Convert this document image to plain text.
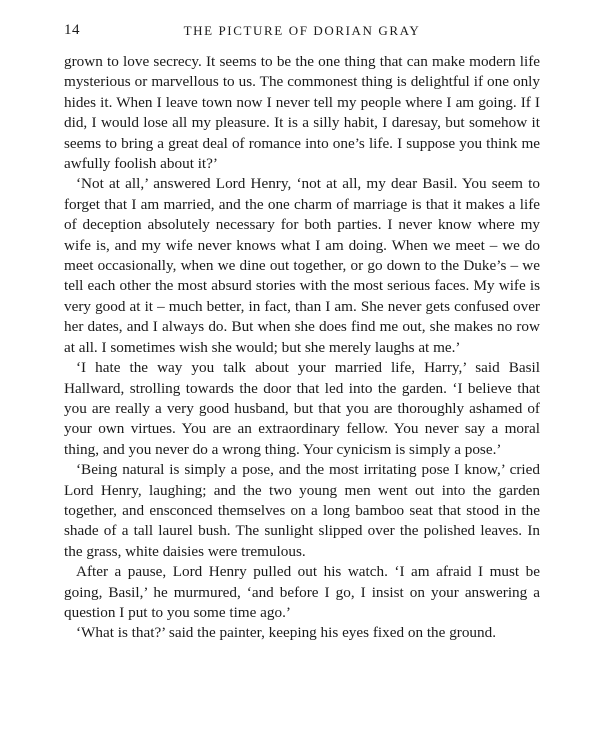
14	THE PICTURE OF DORIAN GRAY

grown to love secrecy. It seems to be the one thing that can make modern life mysterious or marvellous to us. The commonest thing is delightful if one only hides it. When I leave town now I never tell my people where I am going. If I did, I would lose all my pleasure. It is a silly habit, I daresay, but somehow it seems to bring a great deal of romance into one’s life. I suppose you think me awfully foolish about it?’

‘Not at all,’ answered Lord Henry, ‘not at all, my dear Basil. You seem to forget that I am married, and the one charm of marriage is that it makes a life of deception absolutely necessary for both parties. I never know where my wife is, and my wife never knows what I am doing. When we meet – we do meet occasionally, when we dine out together, or go down to the Duke’s – we tell each other the most absurd stories with the most serious faces. My wife is very good at it – much better, in fact, than I am. She never gets confused over her dates, and I always do. But when she does find me out, she makes no row at all. I sometimes wish she would; but she merely laughs at me.’

‘I hate the way you talk about your married life, Harry,’ said Basil Hallward, strolling towards the door that led into the garden. ‘I believe that you are really a very good husband, but that you are thoroughly ashamed of your own virtues. You are an extraordinary fellow. You never say a moral thing, and you never do a wrong thing. Your cynicism is simply a pose.’

‘Being natural is simply a pose, and the most irritating pose I know,’ cried Lord Henry, laughing; and the two young men went out into the garden together, and ensconced themselves on a long bamboo seat that stood in the shade of a tall laurel bush. The sunlight slipped over the polished leaves. In the grass, white daisies were tremulous.

After a pause, Lord Henry pulled out his watch. ‘I am afraid I must be going, Basil,’ he murmured, ‘and before I go, I insist on your answering a question I put to you some time ago.’

‘What is that?’ said the painter, keeping his eyes fixed on the ground.
